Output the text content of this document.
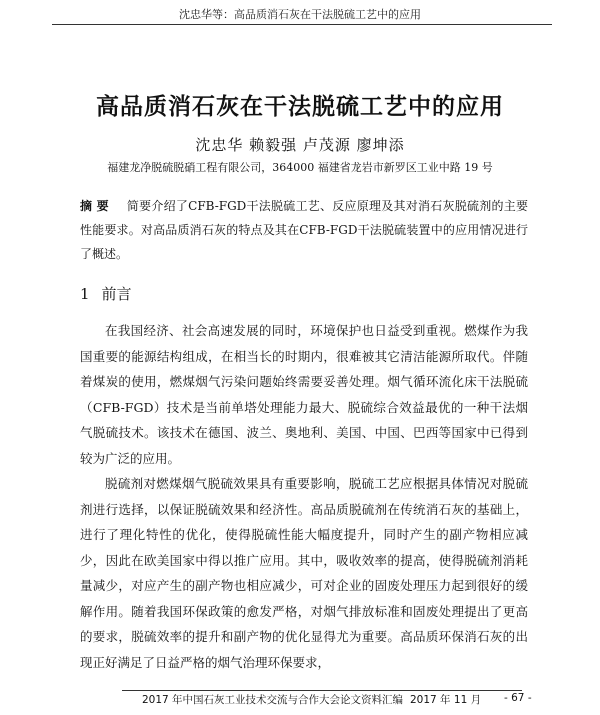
沈忠华等：高品质消石灰在干法脱硫工艺中的应用
高品质消石灰在干法脱硫工艺中的应用
沈忠华 赖毅强 卢茂源 廖坤添
福建龙净脱硫脱硝工程有限公司，364000 福建省龙岩市新罗区工业中路 19 号
摘 要 简要介绍了CFB-FGD干法脱硫工艺、反应原理及其对消石灰脱硫剂的主要性能要求。对高品质消石灰的特点及其在CFB-FGD干法脱硫装置中的应用情况进行了概述。
1 前言

在我国经济、社会高速发展的同时，环境保护也日益受到重视。燃煤作为我国重要的能源结构组成，在相当长的时期内，很难被其它清洁能源所取代。伴随着煤炭的使用，燃煤烟气污染问题始终需要妥善处理。烟气循环流化床干法脱硫（CFB-FGD）技术是当前单塔处理能力最大、脱硫综合效益最优的一种干法烟气脱硫技术。该技术在德国、波兰、奥地利、美国、中国、巴西等国家中已得到较为广泛的应用。

脱硫剂对燃煤烟气脱硫效果具有重要影响，脱硫工艺应根据具体情况对脱硫剂进行选择，以保证脱硫效果和经济性。高品质脱硫剂在传统消石灰的基础上，进行了理化特性的优化，使得脱硫性能大幅度提升，同时产生的副产物相应减少，因此在欧美国家中得以推广应用。其中，吸收效率的提高，使得脱硫剂消耗量减少，对应产生的副产物也相应减少，可对企业的固废处理压力起到很好的缓解作用。随着我国环保政策的愈发严格，对烟气排放标准和固废处理提出了更高的要求，脱硫效率的提升和副产物的优化显得尤为重要。高品质环保消石灰的出现正好满足了日益严格的烟气治理环保要求，

2017 年中国石灰工业技术交流与合作大会论文资料汇编 2017 年 11 月 - 67 -
